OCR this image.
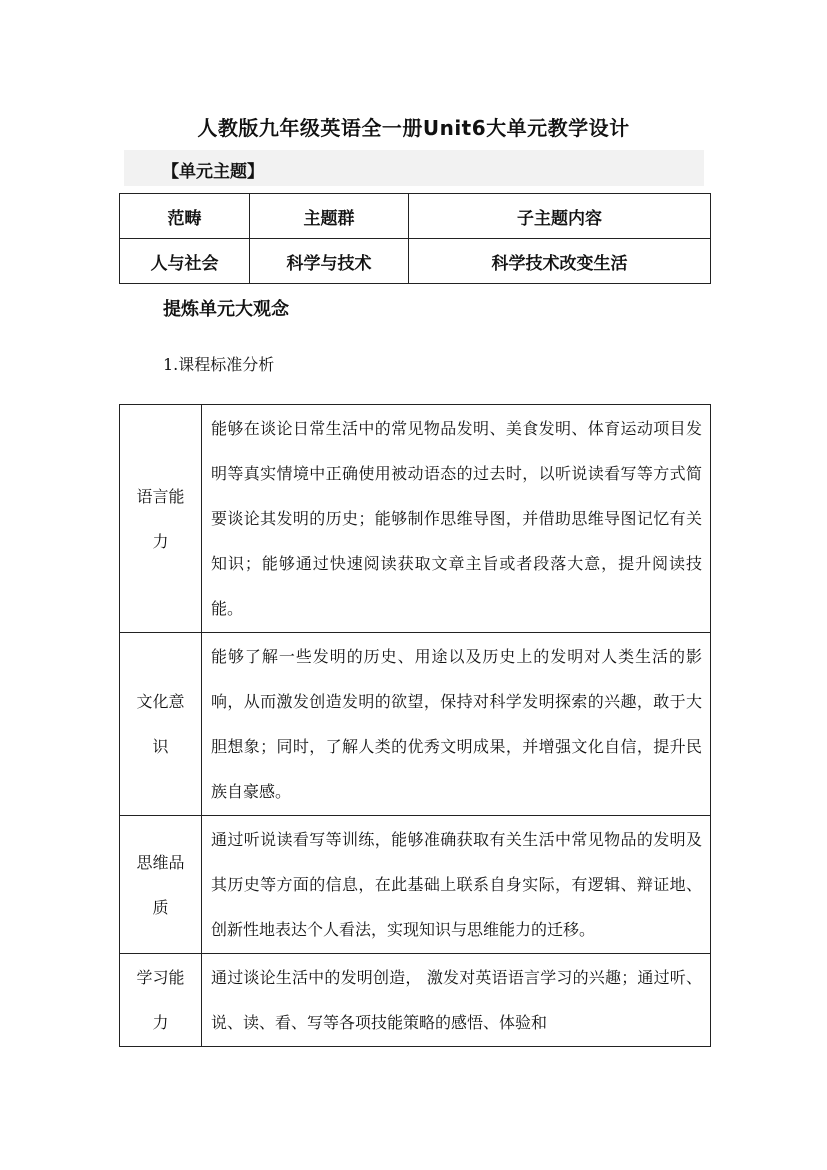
人教版九年级英语全一册Unit6大单元教学设计
【单元主题】
范畴	主题群	子主题内容
人与社会	科学与技术	科学技术改变生活
提炼单元大观念
1.课程标准分析
语言能力	能够在谈论日常生活中的常见物品发明、美食发明、体育运动项目发明等真实情境中正确使用被动语态的过去时，以听说读看写等方式简要谈论其发明的历史；能够制作思维导图，并借助思维导图记忆有关知识；能够通过快速阅读获取文章主旨或者段落大意，提升阅读技能。
文化意识	能够了解一些发明的历史、用途以及历史上的发明对人类生活的影响，从而激发创造发明的欲望，保持对科学发明探索的兴趣，敢于大胆想象；同时，了解人类的优秀文明成果，并增强文化自信，提升民族自豪感。
思维品质	通过听说读看写等训练，能够准确获取有关生活中常见物品的发明及其历史等方面的信息，在此基础上联系自身实际，有逻辑、辩证地、创新性地表达个人看法，实现知识与思维能力的迁移。
学习能力	通过谈论生活中的发明创造， 激发对英语语言学习的兴趣；通过听、说、读、看、写等各项技能策略的感悟、体验和
